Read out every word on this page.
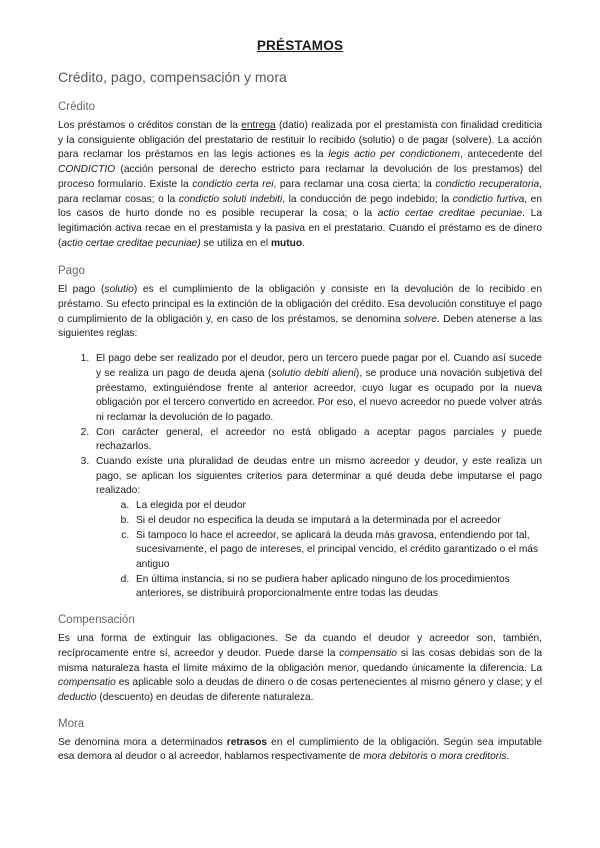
PRÉSTAMOS
Crédito, pago, compensación y mora
Crédito

Los préstamos o créditos constan de la entrega (datio) realizada por el prestamista con finalidad crediticia y la consiguiente obligación del prestatario de restituir lo recibido (solutio) o de pagar (solvere). La acción para reclamar los préstamos en las legis actiones es la legis actio per condictionem, antecedente del CONDICTIO (acción personal de derecho estricto para reclamar la devolución de los prestamos) del proceso formulario. Existe la condictio certa rei, para reclamar una cosa cierta; la condictio recuperatoria, para reclamar cosas; o la condictio soluti indebiti, la conducción de pego indebido; la condictio furtiva, en los casos de hurto donde no es posible recuperar la cosa; o la actio certae creditae pecuniae. La legitimación activa recae en el prestamista y la pasiva en el prestatario. Cuando el préstamo es de dinero (actio certae creditae pecuniae) se utiliza en el mutuo.

Pago

El pago (solutio) es el cumplimiento de la obligación y consiste en la devolución de lo recibido en préstamo. Su efecto principal es la extinción de la obligación del crédito. Esa devolución constituye el pago o cumplimiento de la obligación y, en caso de los préstamos, se denomina solvere. Deben atenerse a las siguientes reglas:

1. El pago debe ser realizado por el deudor, pero un tercero puede pagar por el. Cuando así sucede y se realiza un pago de deuda ajena (solutio debiti alieni), se produce una novación subjetiva del préestamo, extinguiéndose frente al anterior acreedor, cuyo lugar es ocupado por la nueva obligación por el tercero convertido en acreedor. Por eso, el nuevo acreedor no puede volver atrás ni reclamar la devolución de lo pagado.
2. Con carácter general, el acreedor no está obligado a aceptar pagos parciales y puede rechazarlos.
3. Cuando existe una pluralidad de deudas entre un mismo acreedor y deudor, y este realiza un pago, se aplican los siguientes criterios para determinar a qué deuda debe imputarse el pago realizado:
a. La elegida por el deudor
b. Si el deudor no especifica la deuda se imputará a la determinada por el acreedor
c. Si tampoco lo hace el acreedor, se aplicará la deuda más gravosa, entendiendo por tal, sucesivamente, el pago de intereses, el principal vencido, el crédito garantizado o el más antiguo
d. En última instancia, si no se pudiera haber aplicado ninguno de los procedimientos anteriores, se distribuirá proporcionalmente entre todas las deudas
Compensación

Es una forma de extinguir las obligaciones. Se da cuando el deudor y acreedor son, también, recíprocamente entre sí, acreedor y deudor. Puede darse la compensatio si las cosas debidas son de la misma naturaleza hasta el límite máximo de la obligación menor, quedando únicamente la diferencia. La compensatio es aplicable solo a deudas de dinero o de cosas pertenecientes al mismo género y clase; y el deductio (descuento) en deudas de diferente naturaleza.

Mora

Se denomina mora a determinados retrasos en el cumplimiento de la obligación. Según sea imputable esa demora al deudor o al acreedor, hablamos respectivamente de mora debitoris o mora creditoris.
